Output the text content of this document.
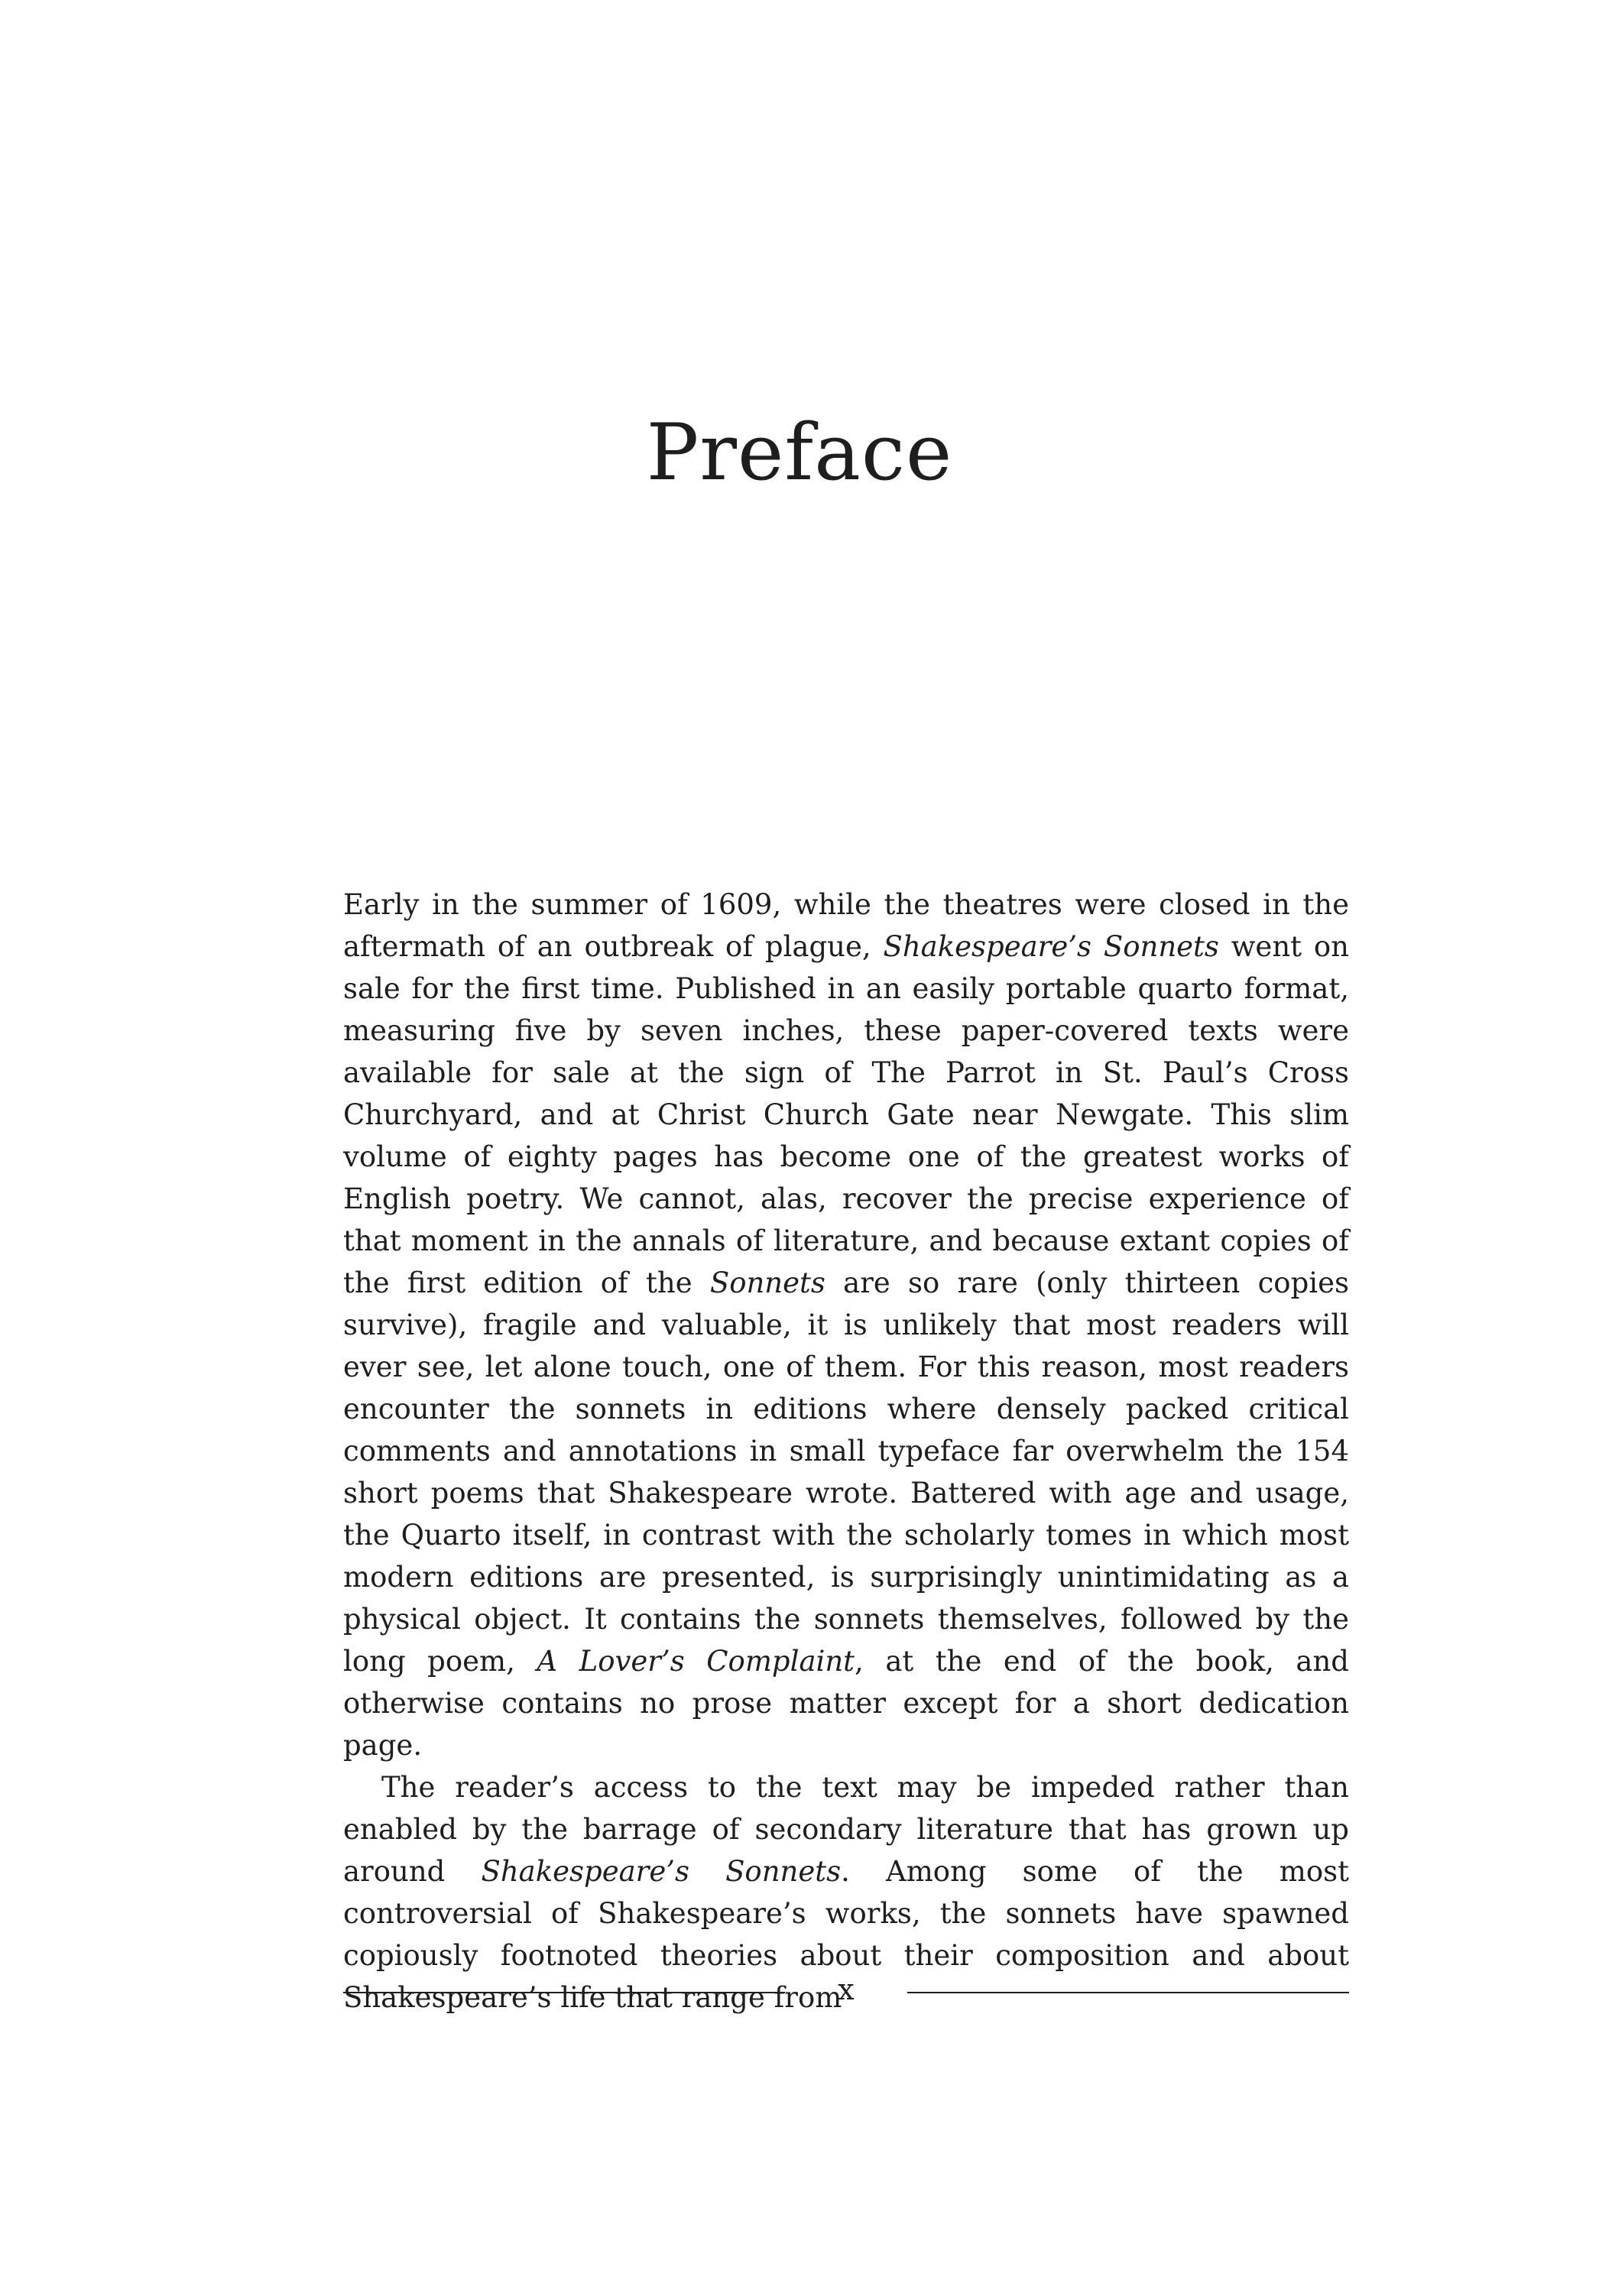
Preface

Early in the summer of 1609, while the theatres were closed in the aftermath of an outbreak of plague, Shakespeare’s Sonnets went on sale for the first time. Published in an easily portable quarto format, measuring five by seven inches, these paper-covered texts were available for sale at the sign of The Parrot in St. Paul’s Cross Churchyard, and at Christ Church Gate near Newgate. This slim volume of eighty pages has become one of the greatest works of English poetry. We cannot, alas, recover the precise experience of that moment in the annals of literature, and because extant copies of the first edition of the Sonnets are so rare (only thirteen copies survive), fragile and valuable, it is unlikely that most readers will ever see, let alone touch, one of them. For this reason, most readers encounter the sonnets in editions where densely packed critical comments and annotations in small typeface far overwhelm the 154 short poems that Shakespeare wrote. Battered with age and usage, the Quarto itself, in contrast with the scholarly tomes in which most modern editions are presented, is surprisingly unintimidating as a physical object. It contains the sonnets themselves, followed by the long poem, A Lover’s Complaint, at the end of the book, and otherwise contains no prose matter except for a short dedication page.

The reader’s access to the text may be impeded rather than enabled by the barrage of secondary literature that has grown up around Shakespeare’s Sonnets. Among some of the most controversial of Shakespeare’s works, the sonnets have spawned copiously footnoted theories about their composition and about Shakespeare’s life that range from

x
